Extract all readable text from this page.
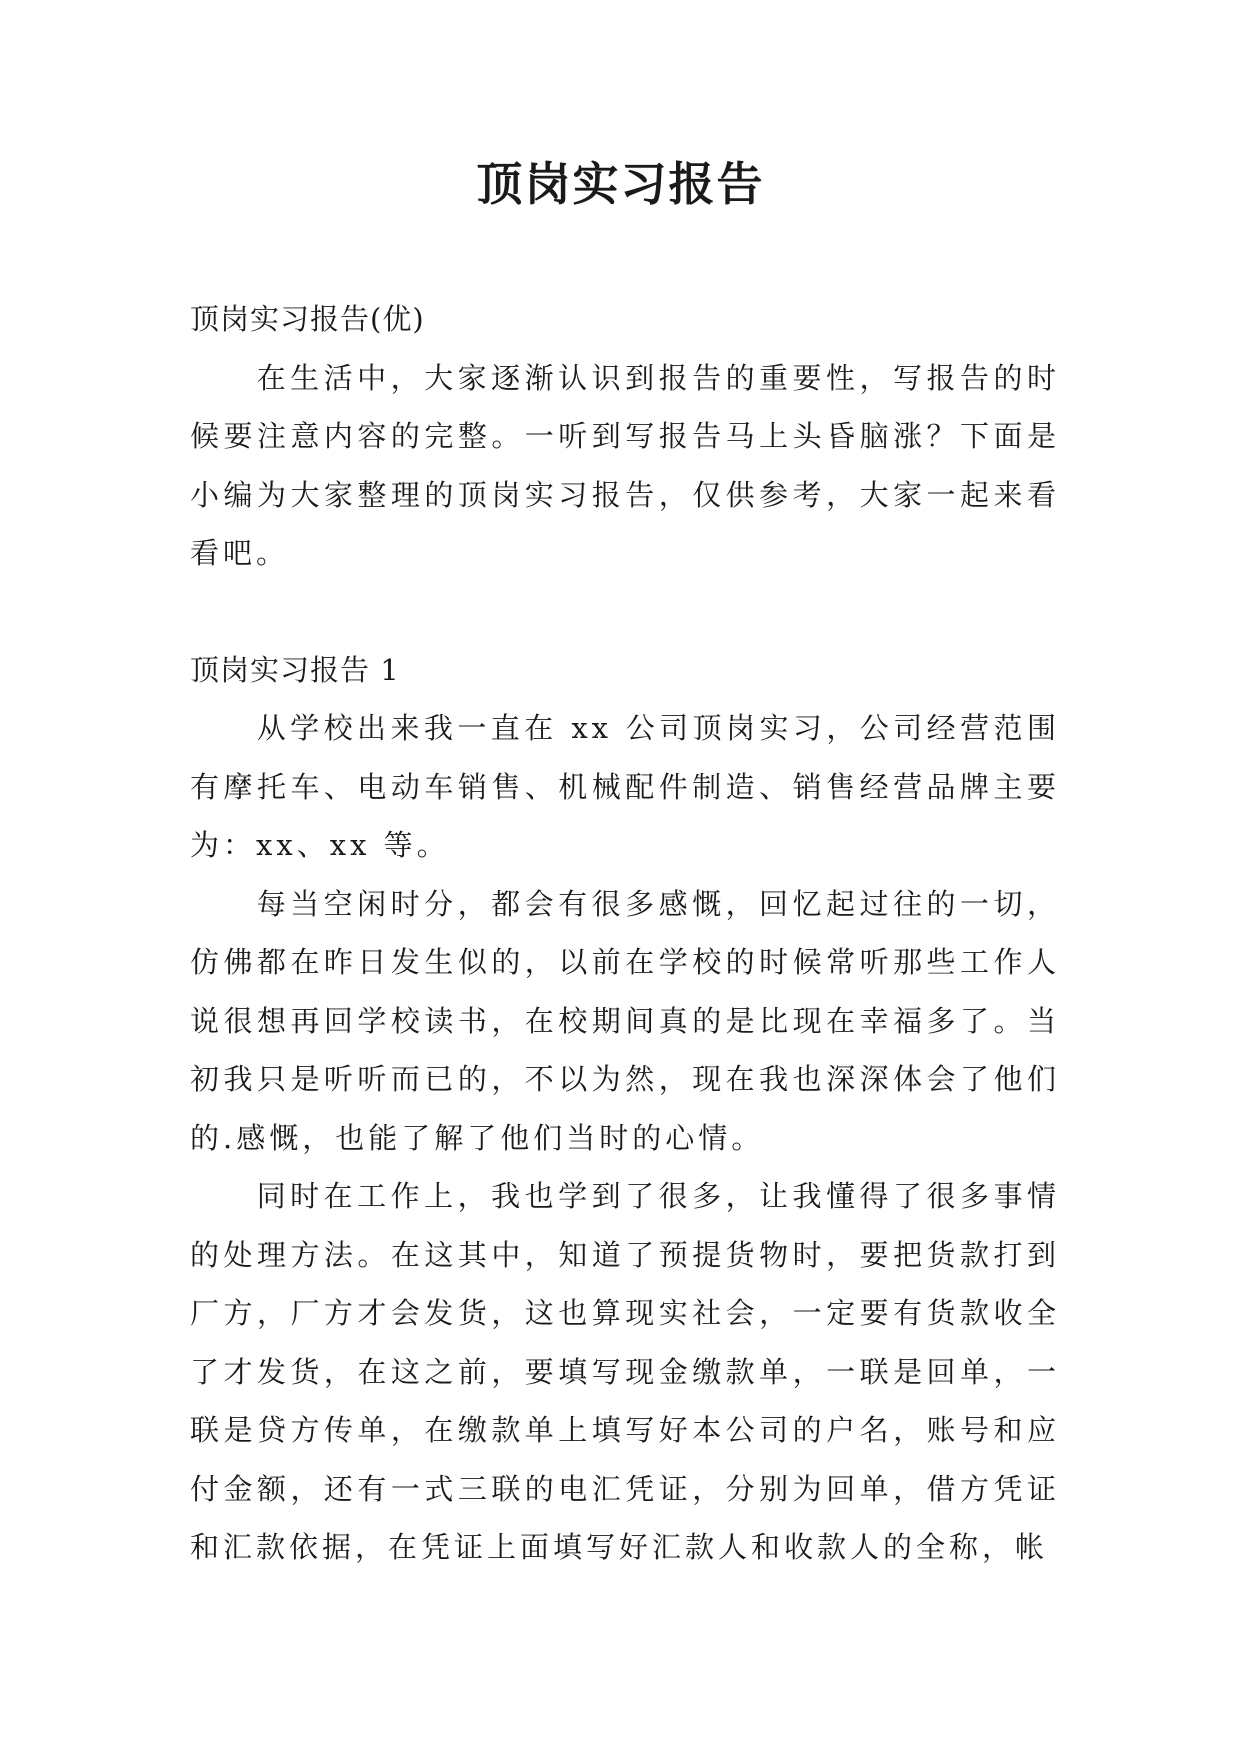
顶岗实习报告
顶岗实习报告(优)

在生活中，大家逐渐认识到报告的重要性，写报告的时候要注意内容的完整。一听到写报告马上头昏脑涨？下面是小编为大家整理的顶岗实习报告，仅供参考，大家一起来看看吧。

顶岗实习报告 1

从学校出来我一直在 xx 公司顶岗实习，公司经营范围有摩托车、电动车销售、机械配件制造、销售经营品牌主要为：xx、xx 等。

每当空闲时分，都会有很多感慨，回忆起过往的一切，仿佛都在昨日发生似的，以前在学校的时候常听那些工作人说很想再回学校读书，在校期间真的是比现在幸福多了。当初我只是听听而已的，不以为然，现在我也深深体会了他们的.感慨，也能了解了他们当时的心情。

同时在工作上，我也学到了很多，让我懂得了很多事情的处理方法。在这其中，知道了预提货物时，要把货款打到厂方，厂方才会发货，这也算现实社会，一定要有货款收全了才发货，在这之前，要填写现金缴款单，一联是回单，一联是贷方传单，在缴款单上填写好本公司的户名，账号和应付金额，还有一式三联的电汇凭证，分别为回单，借方凭证和汇款依据，在凭证上面填写好汇款人和收款人的全称，帐
